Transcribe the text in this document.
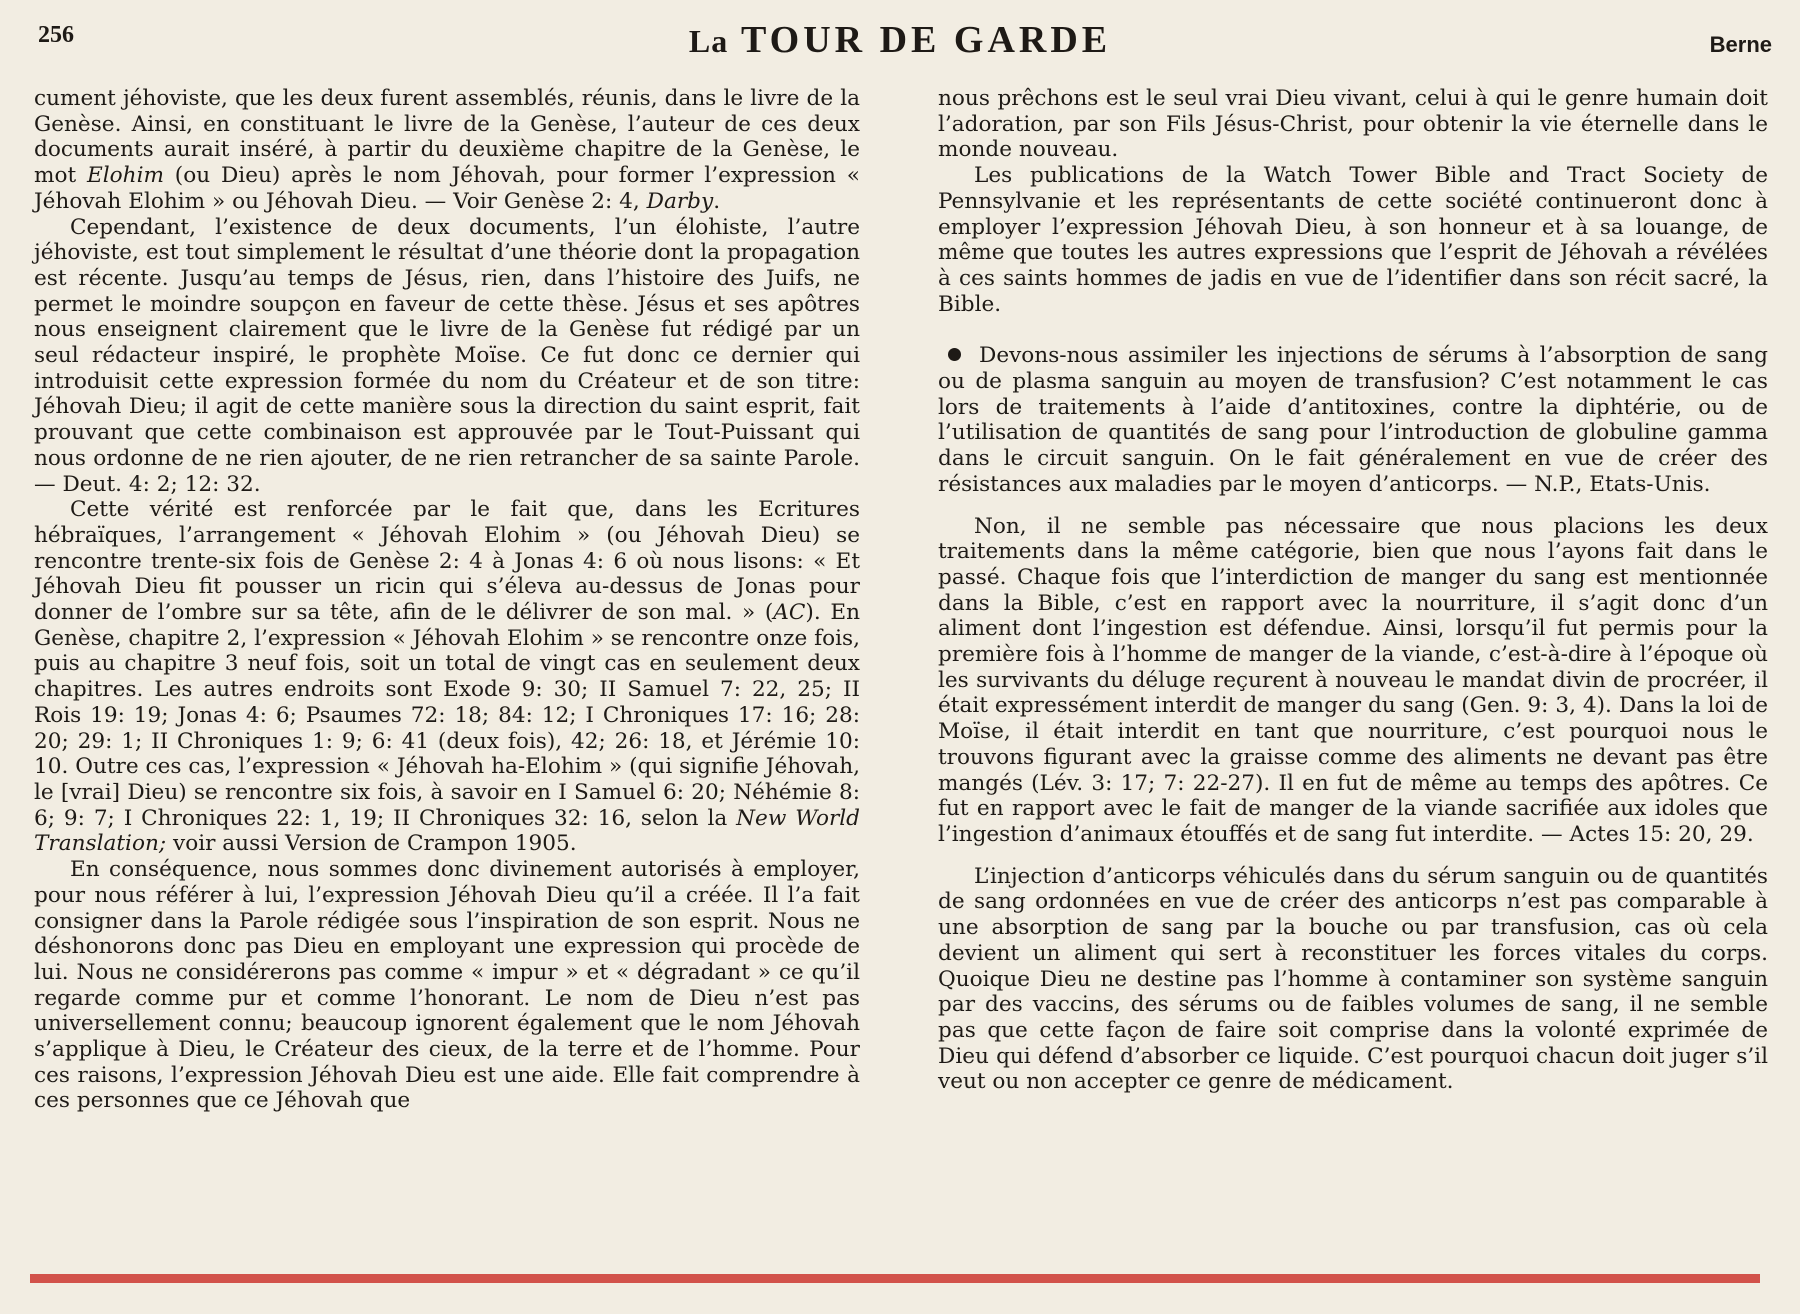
256	La TOUR DE GARDE	Berne

cument jéhoviste, que les deux furent assemblés, réunis, dans le livre de la Genèse. Ainsi, en constituant le livre de la Genèse, l’auteur de ces deux documents aurait inséré, à partir du deuxième chapitre de la Genèse, le mot Elohim (ou Dieu) après le nom Jéhovah, pour former l’expression « Jéhovah Elohim » ou Jéhovah Dieu. — Voir Genèse 2: 4, Darby.

Cependant, l’existence de deux documents, l’un élohiste, l’autre jéhoviste, est tout simplement le résultat d’une théorie dont la propagation est récente. Jusqu’au temps de Jésus, rien, dans l’histoire des Juifs, ne permet le moindre soupçon en faveur de cette thèse. Jésus et ses apôtres nous enseignent clairement que le livre de la Genèse fut rédigé par un seul rédacteur inspiré, le prophète Moïse. Ce fut donc ce dernier qui introduisit cette expression formée du nom du Créateur et de son titre: Jéhovah Dieu; il agit de cette manière sous la direction du saint esprit, fait prouvant que cette combinaison est approuvée par le Tout-Puissant qui nous ordonne de ne rien ajouter, de ne rien retrancher de sa sainte Parole. — Deut. 4: 2; 12: 32.

Cette vérité est renforcée par le fait que, dans les Ecritures hébraïques, l’arrangement « Jéhovah Elohim » (ou Jéhovah Dieu) se rencontre trente-six fois de Genèse 2: 4 à Jonas 4: 6 où nous lisons: « Et Jéhovah Dieu fit pousser un ricin qui s’éleva au-dessus de Jonas pour donner de l’ombre sur sa tête, afin de le délivrer de son mal. » (AC). En Genèse, chapitre 2, l’expression « Jéhovah Elohim » se rencontre onze fois, puis au chapitre 3 neuf fois, soit un total de vingt cas en seulement deux chapitres. Les autres endroits sont Exode 9: 30; II Samuel 7: 22, 25; II Rois 19: 19; Jonas 4: 6; Psaumes 72: 18; 84: 12; I Chroniques 17: 16; 28: 20; 29: 1; II Chroniques 1: 9; 6: 41 (deux fois), 42; 26: 18, et Jérémie 10: 10. Outre ces cas, l’expression « Jéhovah ha-Elohim » (qui signifie Jéhovah, le [vrai] Dieu) se rencontre six fois, à savoir en I Samuel 6: 20; Néhémie 8: 6; 9: 7; I Chroniques 22: 1, 19; II Chroniques 32: 16, selon la New World Translation; voir aussi Version de Crampon 1905.

En conséquence, nous sommes donc divinement autorisés à employer, pour nous référer à lui, l’expression Jéhovah Dieu qu’il a créée. Il l’a fait consigner dans la Parole rédigée sous l’inspiration de son esprit. Nous ne déshonorons donc pas Dieu en employant une expression qui procède de lui. Nous ne considérerons pas comme « impur » et « dégradant » ce qu’il regarde comme pur et comme l’honorant. Le nom de Dieu n’est pas universellement connu; beaucoup ignorent également que le nom Jéhovah s’applique à Dieu, le Créateur des cieux, de la terre et de l’homme. Pour ces raisons, l’expression Jéhovah Dieu est une aide. Elle fait comprendre à ces personnes que ce Jéhovah que

nous prêchons est le seul vrai Dieu vivant, celui à qui le genre humain doit l’adoration, par son Fils Jésus-Christ, pour obtenir la vie éternelle dans le monde nouveau.

Les publications de la Watch Tower Bible and Tract Society de Pennsylvanie et les représentants de cette société continueront donc à employer l’expression Jéhovah Dieu, à son honneur et à sa louange, de même que toutes les autres expressions que l’esprit de Jéhovah a révélées à ces saints hommes de jadis en vue de l’identifier dans son récit sacré, la Bible.

Devons-nous assimiler les injections de sérums à l’absorption de sang ou de plasma sanguin au moyen de transfusion? C’est notamment le cas lors de traitements à l’aide d’antitoxines, contre la diphtérie, ou de l’utilisation de quantités de sang pour l’introduction de globuline gamma dans le circuit sanguin. On le fait généralement en vue de créer des résistances aux maladies par le moyen d’anticorps. — N.P., Etats-Unis.

Non, il ne semble pas nécessaire que nous placions les deux traitements dans la même catégorie, bien que nous l’ayons fait dans le passé. Chaque fois que l’interdiction de manger du sang est mentionnée dans la Bible, c’est en rapport avec la nourriture, il s’agit donc d’un aliment dont l’ingestion est défendue. Ainsi, lorsqu’il fut permis pour la première fois à l’homme de manger de la viande, c’est-à-dire à l’époque où les survivants du déluge reçurent à nouveau le mandat divin de procréer, il était expressément interdit de manger du sang (Gen. 9: 3, 4). Dans la loi de Moïse, il était interdit en tant que nourriture, c’est pourquoi nous le trouvons figurant avec la graisse comme des aliments ne devant pas être mangés (Lév. 3: 17; 7: 22-27). Il en fut de même au temps des apôtres. Ce fut en rapport avec le fait de manger de la viande sacrifiée aux idoles que l’ingestion d’animaux étouffés et de sang fut interdite. — Actes 15: 20, 29.

L’injection d’anticorps véhiculés dans du sérum sanguin ou de quantités de sang ordonnées en vue de créer des anticorps n’est pas comparable à une absorption de sang par la bouche ou par transfusion, cas où cela devient un aliment qui sert à reconstituer les forces vitales du corps. Quoique Dieu ne destine pas l’homme à contaminer son système sanguin par des vaccins, des sérums ou de faibles volumes de sang, il ne semble pas que cette façon de faire soit comprise dans la volonté exprimée de Dieu qui défend d’absorber ce liquide. C’est pourquoi chacun doit juger s’il veut ou non accepter ce genre de médicament.
